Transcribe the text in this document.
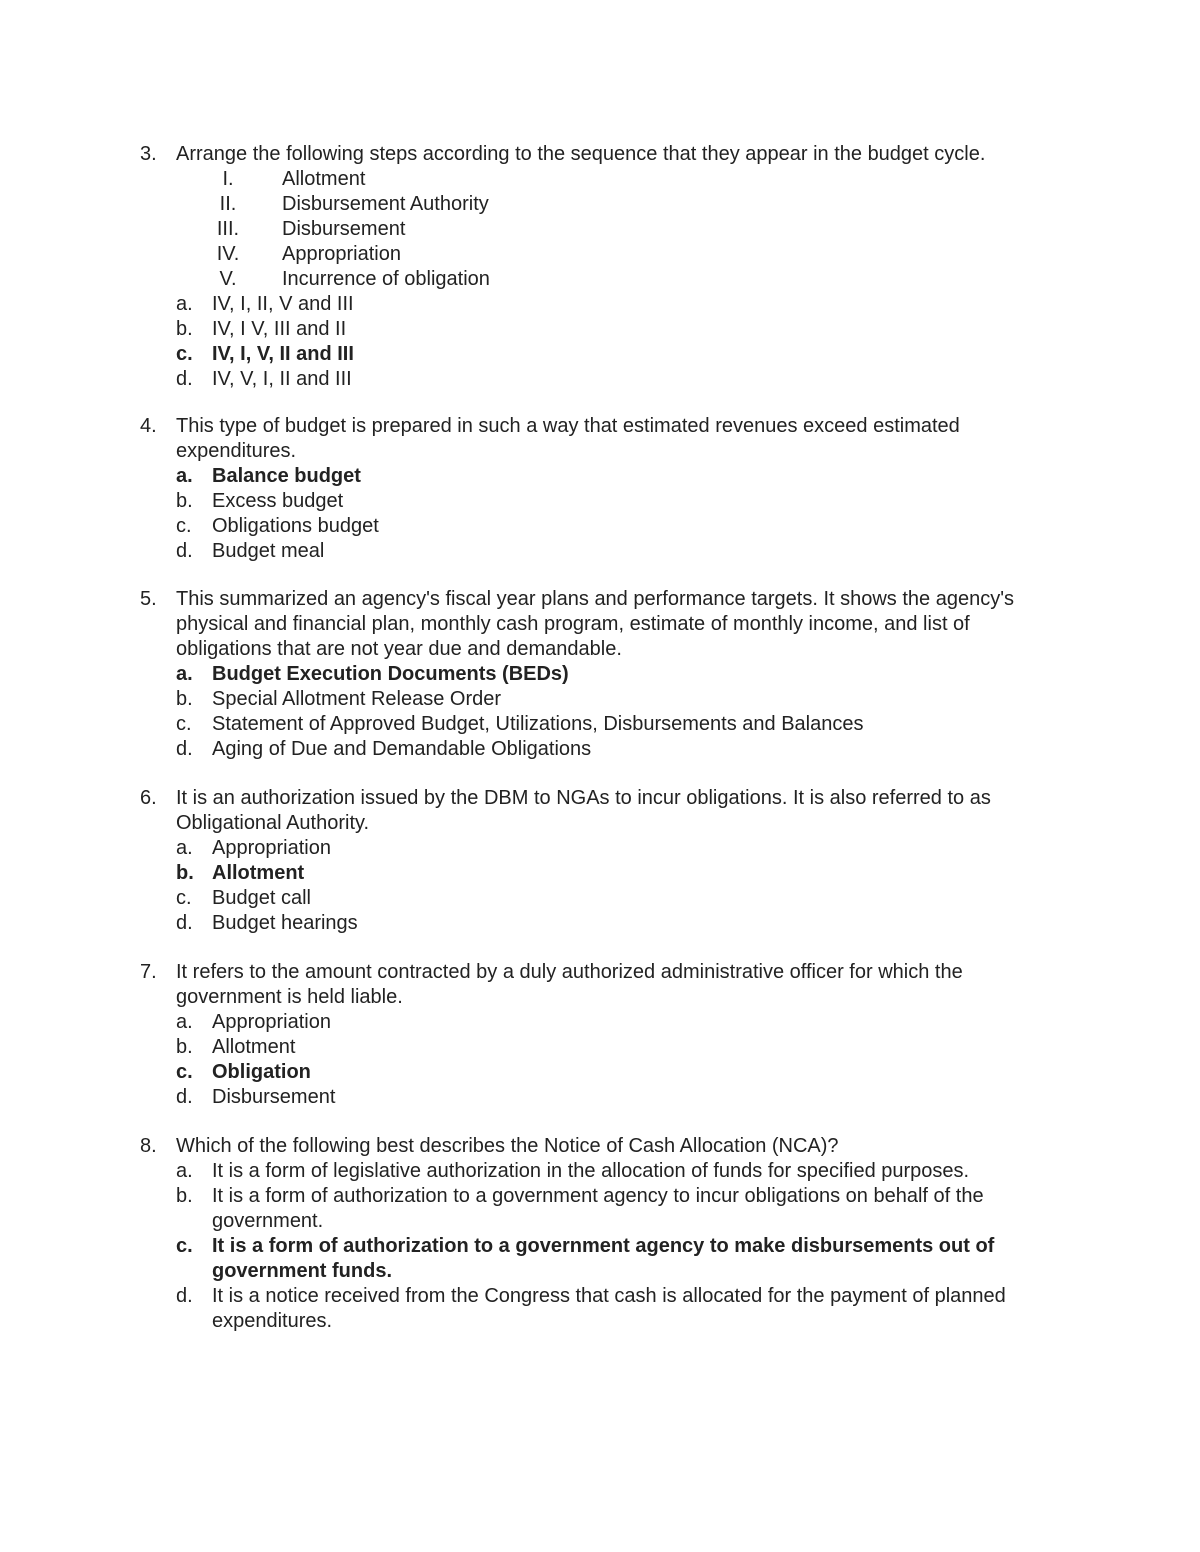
3. Arrange the following steps according to the sequence that they appear in the budget cycle.
I.	Allotment
II.	Disbursement Authority
III.	Disbursement
IV.	Appropriation
V.	Incurrence of obligation
a. IV, I, II, V and III
b. IV, I V, III and II
c. IV, I, V, II and III
d. IV, V, I, II and III
4. This type of budget is prepared in such a way that estimated revenues exceed estimated expenditures.
a. Balance budget
b. Excess budget
c.	Obligations budget
d. Budget meal
5. This summarized an agency's fiscal year plans and performance targets. It shows the agency's physical and financial plan, monthly cash program, estimate of monthly income, and list of obligations that are not year due and demandable.
a. Budget Execution Documents (BEDs)
b. Special Allotment Release Order
c.	Statement of Approved Budget, Utilizations, Disbursements and Balances
d. Aging of Due and Demandable Obligations
6. It is an authorization issued by the DBM to NGAs to incur obligations. It is also referred to as Obligational Authority.
a. Appropriation
b. Allotment
c.	Budget call
d. Budget hearings
7. It refers to the amount contracted by a duly authorized administrative officer for which the government is held liable.
a. Appropriation
b. Allotment
c. Obligation
d. Disbursement
8. Which of the following best describes the Notice of Cash Allocation (NCA)?
a. It is a form of legislative authorization in the allocation of funds for specified purposes.
b. It is a form of authorization to a government agency to incur obligations on behalf of the government.
c. It is a form of authorization to a government agency to make disbursements out of government funds.
d. It is a notice received from the Congress that cash is allocated for the payment of planned expenditures.
